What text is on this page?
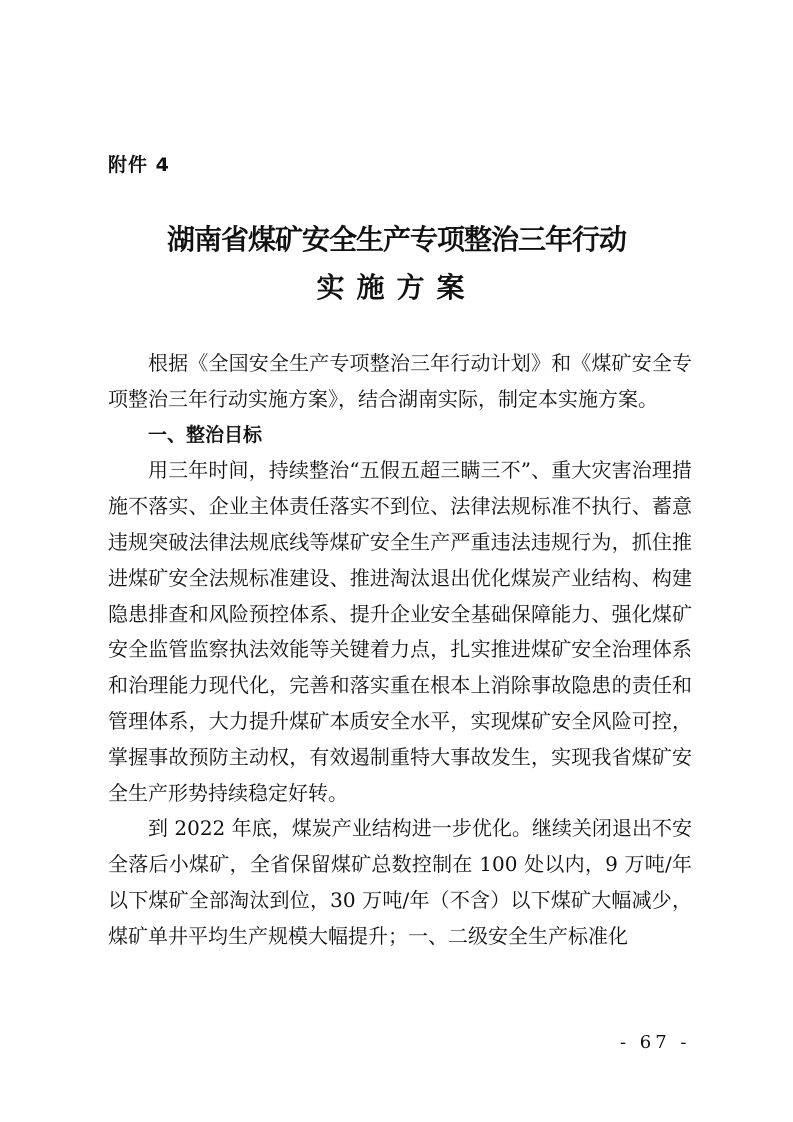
附件 4
湖南省煤矿安全生产专项整治三年行动
实施方案

根据《全国安全生产专项整治三年行动计划》和《煤矿安全专项整治三年行动实施方案》，结合湖南实际，制定本实施方案。

一、整治目标

用三年时间，持续整治“五假五超三瞒三不”、重大灾害治理措施不落实、企业主体责任落实不到位、法律法规标准不执行、蓄意违规突破法律法规底线等煤矿安全生产严重违法违规行为，抓住推进煤矿安全法规标准建设、推进淘汰退出优化煤炭产业结构、构建隐患排查和风险预控体系、提升企业安全基础保障能力、强化煤矿安全监管监察执法效能等关键着力点，扎实推进煤矿安全治理体系和治理能力现代化，完善和落实重在根本上消除事故隐患的责任和管理体系，大力提升煤矿本质安全水平，实现煤矿安全风险可控，掌握事故预防主动权，有效遏制重特大事故发生，实现我省煤矿安全生产形势持续稳定好转。

到 2022 年底，煤炭产业结构进一步优化。继续关闭退出不安全落后小煤矿，全省保留煤矿总数控制在 100 处以内，9 万吨/年以下煤矿全部淘汰到位，30 万吨/年（不含）以下煤矿大幅减少，煤矿单井平均生产规模大幅提升；一、二级安全生产标准化

- 67 -
